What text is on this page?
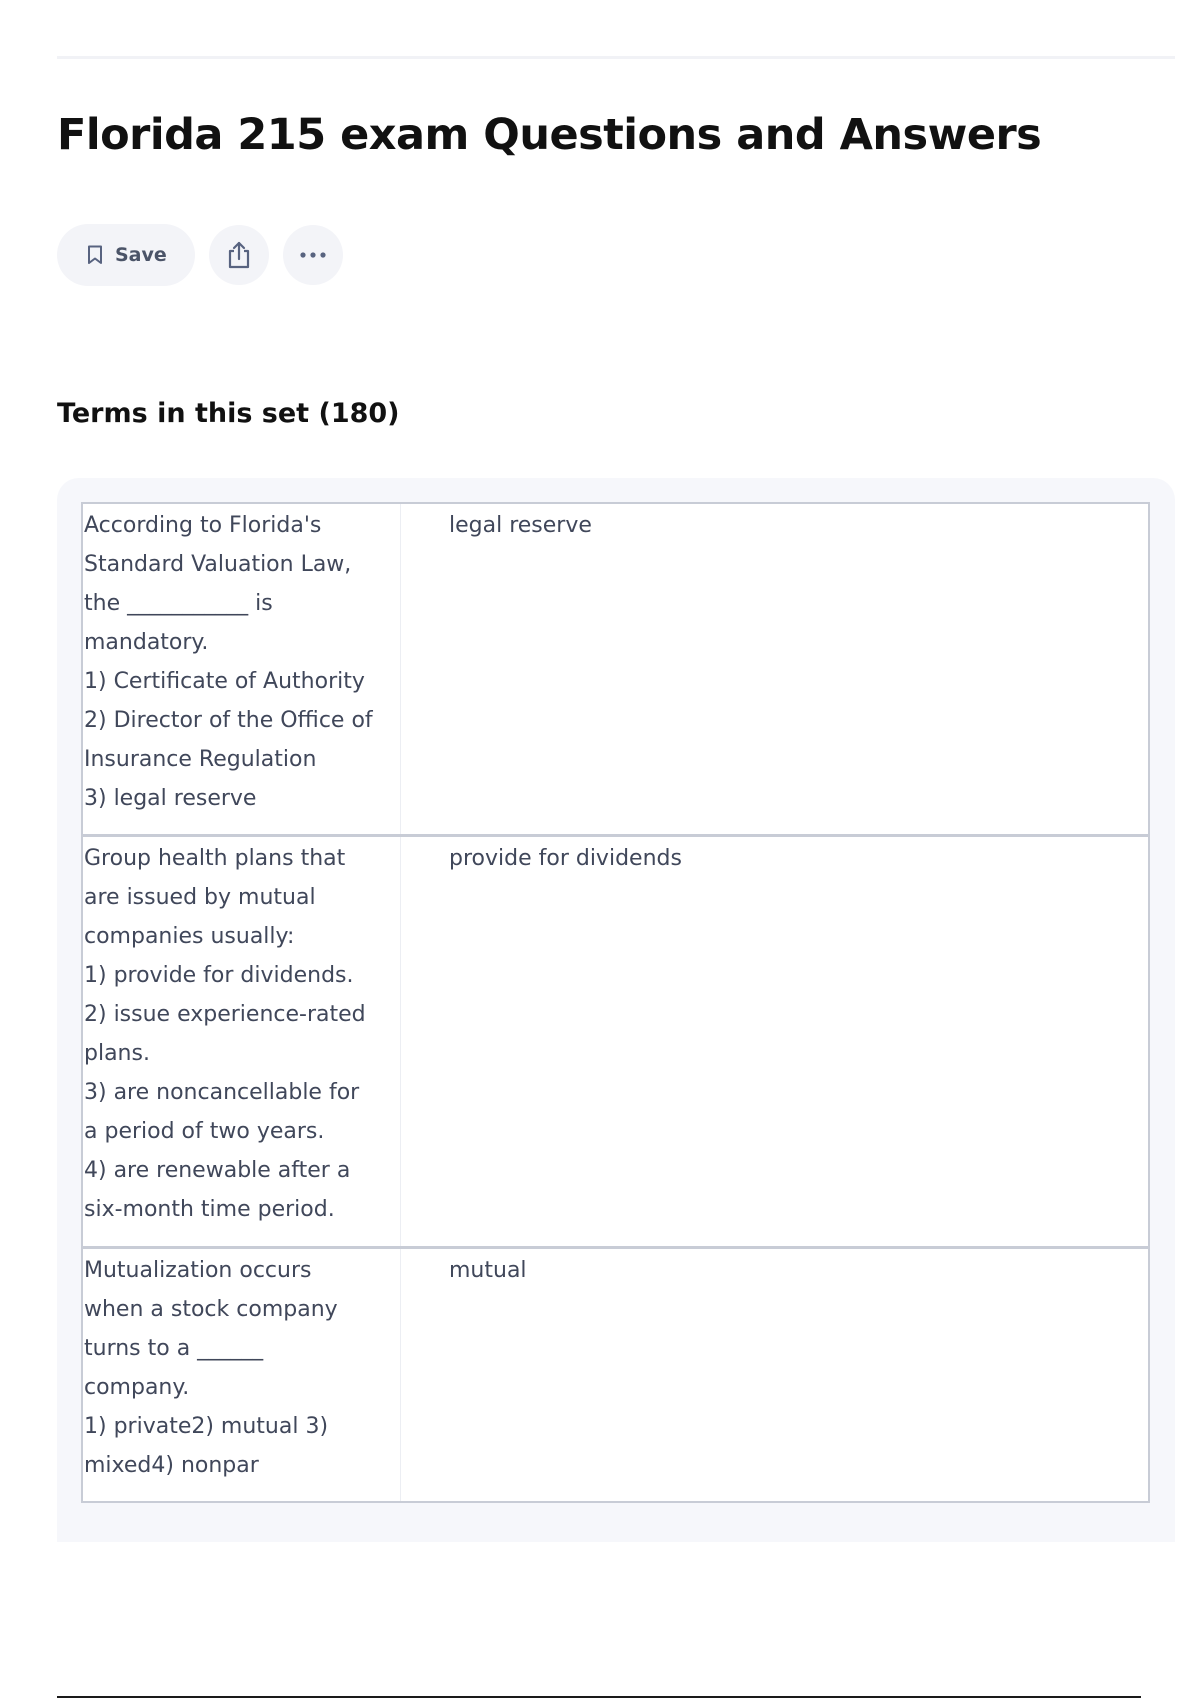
Florida 215 exam Questions and Answers
Save
Terms in this set (180)
According to Florida's
Standard Valuation Law,
the ___________ is
mandatory.
1) Certificate of Authority
2) Director of the Office of
Insurance Regulation
3) legal reserve
legal reserve
Group health plans that
are issued by mutual
companies usually:
1) provide for dividends.
2) issue experience-rated
plans.
3) are noncancellable for
a period of two years.
4) are renewable after a
six-month time period.
provide for dividends
Mutualization occurs
when a stock company
turns to a ______
company.
1) private2) mutual 3)
mixed4) nonpar
mutual
